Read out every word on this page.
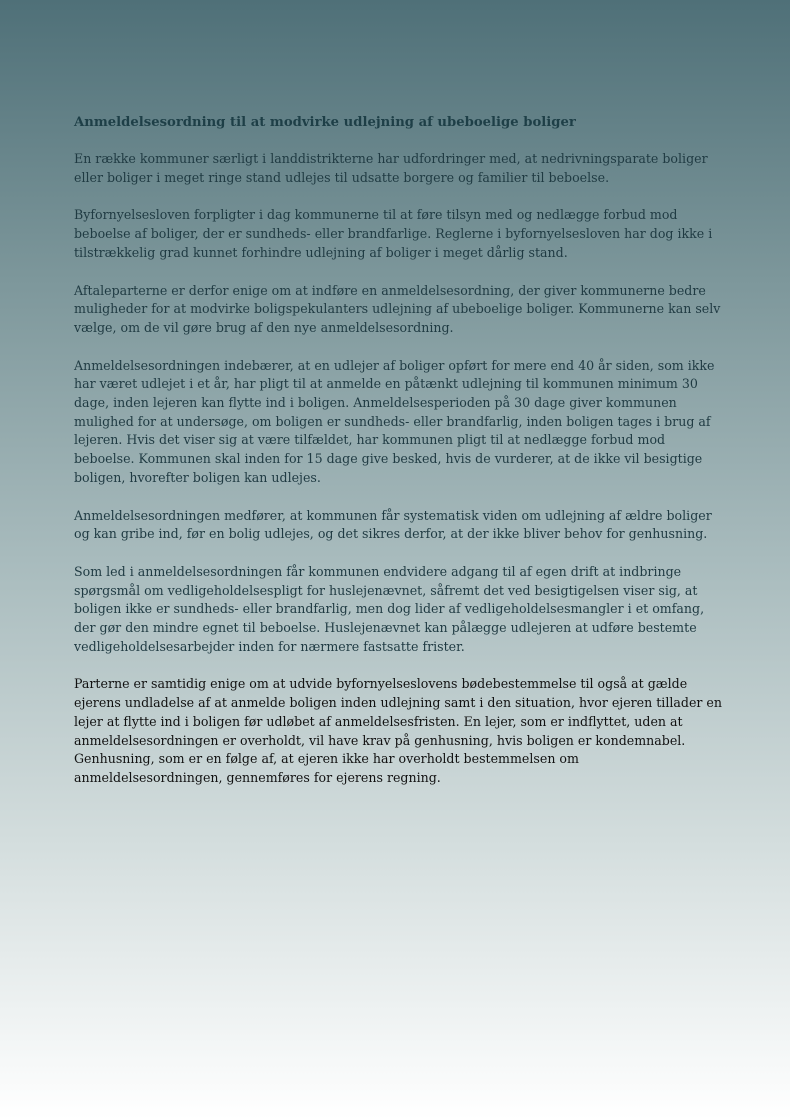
Anmeldelsesordning til at modvirke udlejning af ubeboelige boliger

En række kommuner særligt i landdistrikterne har udfordringer med, at nedrivningsparate boliger eller boliger i meget ringe stand udlejes til udsatte borgere og familier til beboelse.

Byfornyelsesloven forpligter i dag kommunerne til at føre tilsyn med og nedlægge forbud mod beboelse af boliger, der er sundheds- eller brandfarlige. Reglerne i byfornyelsesloven har dog ikke i tilstrækkelig grad kunnet forhindre udlejning af boliger i meget dårlig stand.

Aftaleparterne er derfor enige om at indføre en anmeldelsesordning, der giver kommunerne bedre muligheder for at modvirke boligspekulanters udlejning af ubeboelige boliger. Kommunerne kan selv vælge, om de vil gøre brug af den nye anmeldelsesordning.

Anmeldelsesordningen indebærer, at en udlejer af boliger opført for mere end 40 år siden, som ikke har været udlejet i et år, har pligt til at anmelde en påtænkt udlejning til kommunen minimum 30 dage, inden lejeren kan flytte ind i boligen. Anmeldelsesperioden på 30 dage giver kommunen mulighed for at undersøge, om boligen er sundheds- eller brandfarlig, inden boligen tages i brug af lejeren. Hvis det viser sig at være tilfældet, har kommunen pligt til at nedlægge forbud mod beboelse. Kommunen skal inden for 15 dage give besked, hvis de vurderer, at de ikke vil besigtige boligen, hvorefter boligen kan udlejes.

Anmeldelsesordningen medfører, at kommunen får systematisk viden om udlejning af ældre boliger og kan gribe ind, før en bolig udlejes, og det sikres derfor, at der ikke bliver behov for genhusning.

Som led i anmeldelsesordningen får kommunen endvidere adgang til af egen drift at indbringe spørgsmål om vedligeholdelsespligt for huslejenævnet, såfremt det ved besigtigelsen viser sig, at boligen ikke er sundheds- eller brandfarlig, men dog lider af vedligeholdelsesmangler i et omfang, der gør den mindre egnet til beboelse. Huslejenævnet kan pålægge udlejeren at udføre bestemte vedligeholdelsesarbejder inden for nærmere fastsatte frister.

Parterne er samtidig enige om at udvide byfornyelseslovens bødebestemmelse til også at gælde ejerens undladelse af at anmelde boligen inden udlejning samt i den situation, hvor ejeren tillader en lejer at flytte ind i boligen før udløbet af anmeldelsesfristen. En lejer, som er indflyttet, uden at anmeldelsesordningen er overholdt, vil have krav på genhusning, hvis boligen er kondemnabel. Genhusning, som er en følge af, at ejeren ikke har overholdt bestemmelsen om anmeldelsesordningen, gennemføres for ejerens regning.
